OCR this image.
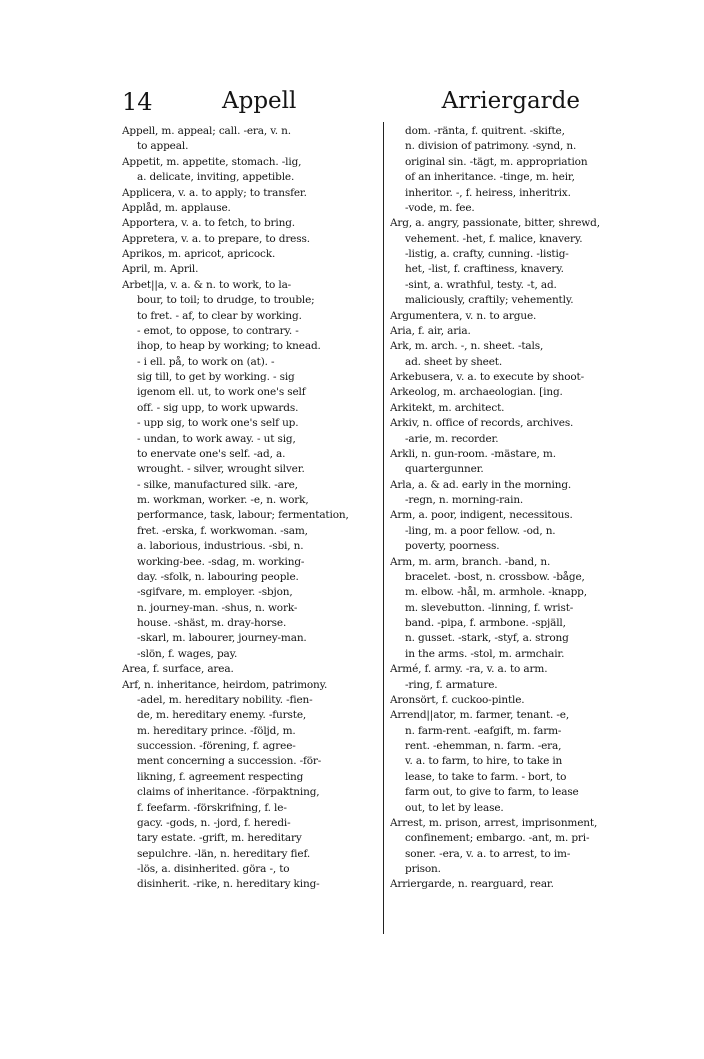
14	Appell	Arriergarde
Appell, m. appeal; call. -era, v. n.
to appeal.
Appetit, m. appetite, stomach. -lig,
a. delicate, inviting, appetible.
Applicera, v. a. to apply; to transfer.
Applåd, m. applause.
Apportera, v. a. to fetch, to bring.
Appretera, v. a. to prepare, to dress.
Aprikos, m. apricot, apricock.
April, m. April.
Arbet||a, v. a. & n. to work, to la-
bour, to toil; to drudge, to trouble;
to fret. - af, to clear by working.
- emot, to oppose, to contrary. -
ihop, to heap by working; to knead.
- i ell. på, to work on (at). -
sig till, to get by working. - sig
igenom ell. ut, to work one's self
off. - sig upp, to work upwards.
- upp sig, to work one's self up.
- undan, to work away. - ut sig,
to enervate one's self. -ad, a.
wrought. - silver, wrought silver.
- silke, manufactured silk. -are,
m. workman, worker. -e, n. work,
performance, task, labour; fermentation,
fret. -erska, f. workwoman. -sam,
a. laborious, industrious. -sbi, n.
working-bee. -sdag, m. working-
day. -sfolk, n. labouring people.
-sgifvare, m. employer. -sbjon,
n. journey-man. -shus, n. work-
house. -shäst, m. dray-horse.
-skarl, m. labourer, journey-man.
-slön, f. wages, pay.
Area, f. surface, area.
Arf, n. inheritance, heirdom, patrimony.
-adel, m. hereditary nobility. -fien-
de, m. hereditary enemy. -furste,
m. hereditary prince. -följd, m.
succession. -förening, f. agree-
ment concerning a succession. -för-
likning, f. agreement respecting
claims of inheritance. -förpaktning,
f. feefarm. -förskrifning, f. le-
gacy. -gods, n. -jord, f. heredi-
tary estate. -grift, m. hereditary
sepulchre. -län, n. hereditary fief.
-lös, a. disinherited. göra -, to
disinherit. -rike, n. hereditary king-
dom. -ränta, f. quitrent. -skifte,
n. division of patrimony. -synd, n.
original sin. -tägt, m. appropriation
of an inheritance. -tinge, m. heir,
inheritor. -, f. heiress, inheritrix.
-vode, m. fee.
Arg, a. angry, passionate, bitter, shrewd,
vehement. -het, f. malice, knavery.
-listig, a. crafty, cunning. -listig-
het, -list, f. craftiness, knavery.
-sint, a. wrathful, testy. -t, ad.
maliciously, craftily; vehemently.
Argumentera, v. n. to argue.
Aria, f. air, aria.
Ark, m. arch. -, n. sheet. -tals,
ad. sheet by sheet.
Arkebusera, v. a. to execute by shoot-
Arkeolog, m. archaeologian. [ing.
Arkitekt, m. architect.
Arkiv, n. office of records, archives.
-arie, m. recorder.
Arkli, n. gun-room. -mästare, m.
quartergunner.
Arla, a. & ad. early in the morning.
-regn, n. morning-rain.
Arm, a. poor, indigent, necessitous.
-ling, m. a poor fellow. -od, n.
poverty, poorness.
Arm, m. arm, branch. -band, n.
bracelet. -bost, n. crossbow. -båge,
m. elbow. -hål, m. armhole. -knapp,
m. slevebutton. -linning, f. wrist-
band. -pipa, f. armbone. -spjäll,
n. gusset. -stark, -styf, a. strong
in the arms. -stol, m. armchair.
Armé, f. army. -ra, v. a. to arm.
-ring, f. armature.
Aronsört, f. cuckoo-pintle.
Arrend||ator, m. farmer, tenant. -e,
n. farm-rent. -eafgift, m. farm-
rent. -ehemman, n. farm. -era,
v. a. to farm, to hire, to take in
lease, to take to farm. - bort, to
farm out, to give to farm, to lease
out, to let by lease.
Arrest, m. prison, arrest, imprisonment,
confinement; embargo. -ant, m. pri-
soner. -era, v. a. to arrest, to im-
prison.
Arriergarde, n. rearguard, rear.
